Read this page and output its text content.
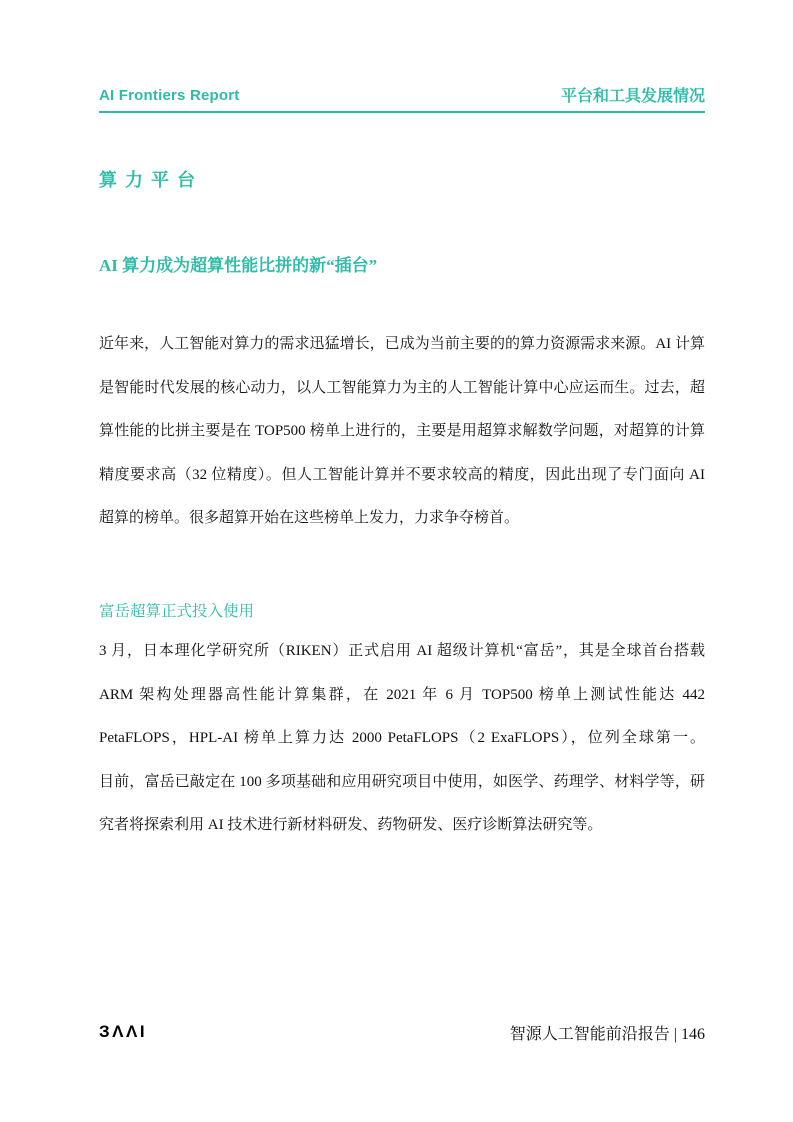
AI Frontiers Report	平台和工具发展情况
算力平台
AI 算力成为超算性能比拼的新“插台”
近年来，人工智能对算力的需求迅猛增长，已成为当前主要的的算力资源需求来源。AI 计算
是智能时代发展的核心动力，以人工智能算力为主的人工智能计算中心应运而生。过去，超
算性能的比拼主要是在 TOP500 榜单上进行的，主要是用超算求解数学问题，对超算的计算
精度要求高（32 位精度）。但人工智能计算并不要求较高的精度，因此出现了专门面向 AI
超算的榜单。很多超算开始在这些榜单上发力，力求争夺榜首。
富岳超算正式投入使用
3 月，日本理化学研究所（RIKEN）正式启用 AI 超级计算机“富岳”，其是全球首台搭载
ARM 架构处理器高性能计算集群，在 2021 年 6 月 TOP500 榜单上测试性能达 442
PetaFLOPS，HPL-AI 榜单上算力达 2000 PetaFLOPS（2 ExaFLOPS），位列全球第一。
目前，富岳已敲定在 100 多项基础和应用研究项目中使用，如医学、药理学、材料学等，研
究者将探索利用 AI 技术进行新材料研发、药物研发、医疗诊断算法研究等。
ЗΛΛI	智源人工智能前沿报告 | 146
